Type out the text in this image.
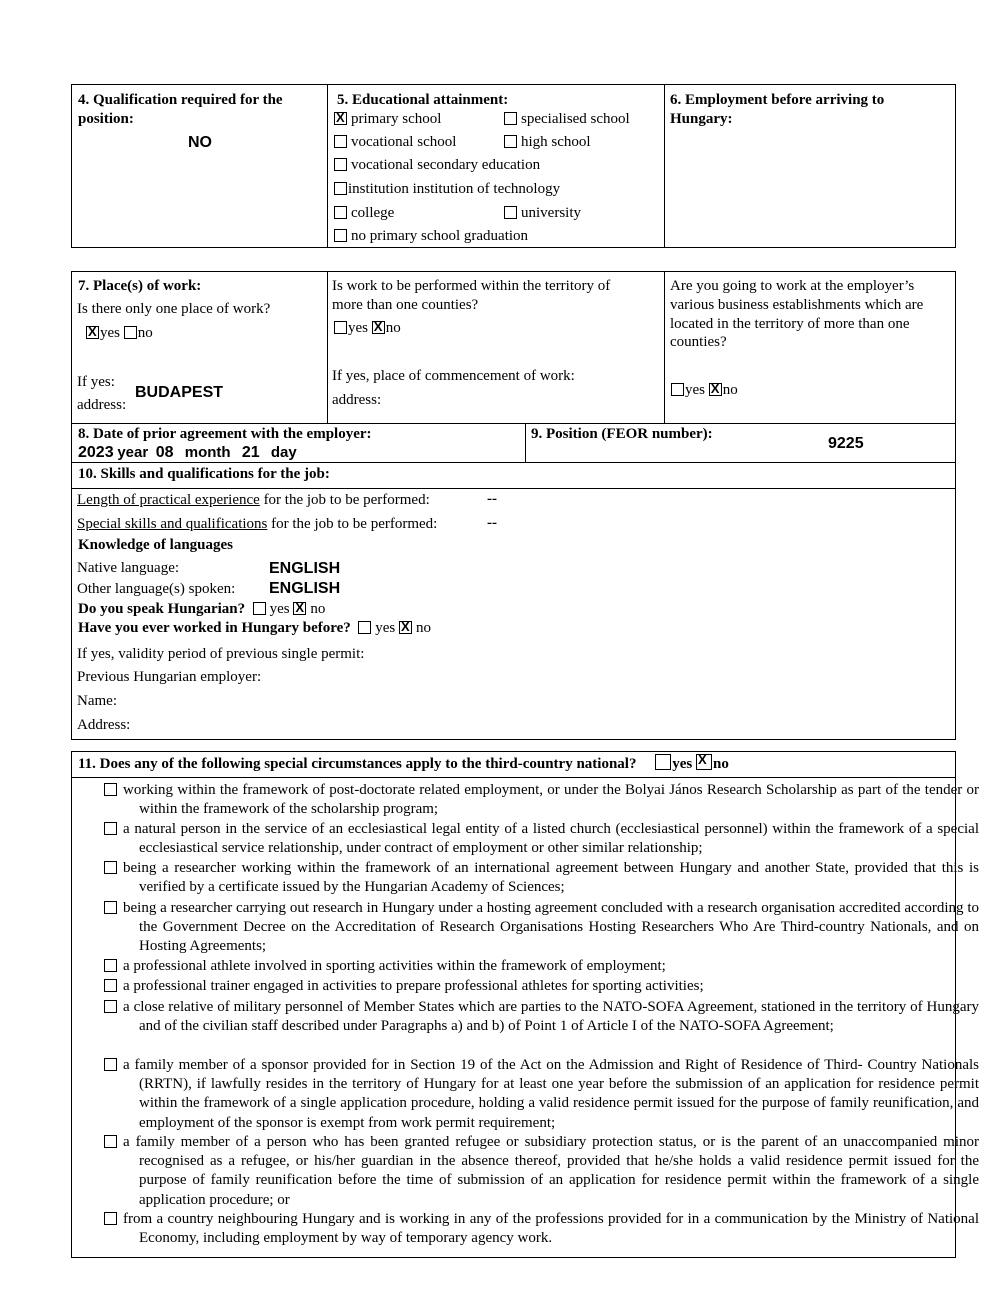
4. Qualification required for the
position:
NO
5. Educational attainment:
Xprimary school	specialised school
vocational school	high school
vocational secondary education
institution institution of technology
college	university
no primary school graduation
6. Employment before arriving to
Hungary:
7. Place(s) of work:
Is there only one place of work?
Xyes no
If yes:
BUDAPEST
address:
Is work to be performed within the territory of
more than one counties?
yes X no
If yes, place of commencement of work:
address:
Are you going to work at the employer’s
various business establishments which are
located in the territory of more than one
counties?
yes X no
8. Date of prior agreement with the employer:
2023 year 08 month 21 day
9. Position (FEOR number):
9225
10. Skills and qualifications for the job:
Length of practical experience for the job to be performed:	--
Special skills and qualifications for the job to be performed:	--
Knowledge of languages
Native language:	ENGLISH
Other language(s) spoken: ENGLISH
Do you speak Hungarian? yes X no
Have you ever worked in Hungary before? yes X no
If yes, validity period of previous single permit:
Previous Hungarian employer:
Name:
Address:
11. Does any of the following special circumstances apply to the third-country national? yes X no
working within the framework of post-doctorate related employment, or under the Bolyai János Research Scholarship as part of the tender or within the framework of the scholarship program;
a natural person in the service of an ecclesiastical legal entity of a listed church (ecclesiastical personnel) within the framework of a special ecclesiastical service relationship, under contract of employment or other similar relationship;
being a researcher working within the framework of an international agreement between Hungary and another State, provided that this is verified by a certificate issued by the Hungarian Academy of Sciences;
being a researcher carrying out research in Hungary under a hosting agreement concluded with a research organisation accredited according to the Government Decree on the Accreditation of Research Organisations Hosting Researchers Who Are Third-country Nationals, and on Hosting Agreements;
a professional athlete involved in sporting activities within the framework of employment;
a professional trainer engaged in activities to prepare professional athletes for sporting activities;
a close relative of military personnel of Member States which are parties to the NATO-SOFA Agreement, stationed in the territory of Hungary and of the civilian staff described under Paragraphs a) and b) of Point 1 of Article I of the NATO-SOFA Agreement;
a family member of a sponsor provided for in Section 19 of the Act on the Admission and Right of Residence of Third- Country Nationals (RRTN), if lawfully resides in the territory of Hungary for at least one year before the submission of an application for residence permit within the framework of a single application procedure, holding a valid residence permit issued for the purpose of family reunification, and employment of the sponsor is exempt from work permit requirement;
a family member of a person who has been granted refugee or subsidiary protection status, or is the parent of an unaccompanied minor recognised as a refugee, or his/her guardian in the absence thereof, provided that he/she holds a valid residence permit issued for the purpose of family reunification before the time of submission of an application for residence permit within the framework of a single application procedure; or
from a country neighbouring Hungary and is working in any of the professions provided for in a communication by the Ministry of National Economy, including employment by way of temporary agency work.
